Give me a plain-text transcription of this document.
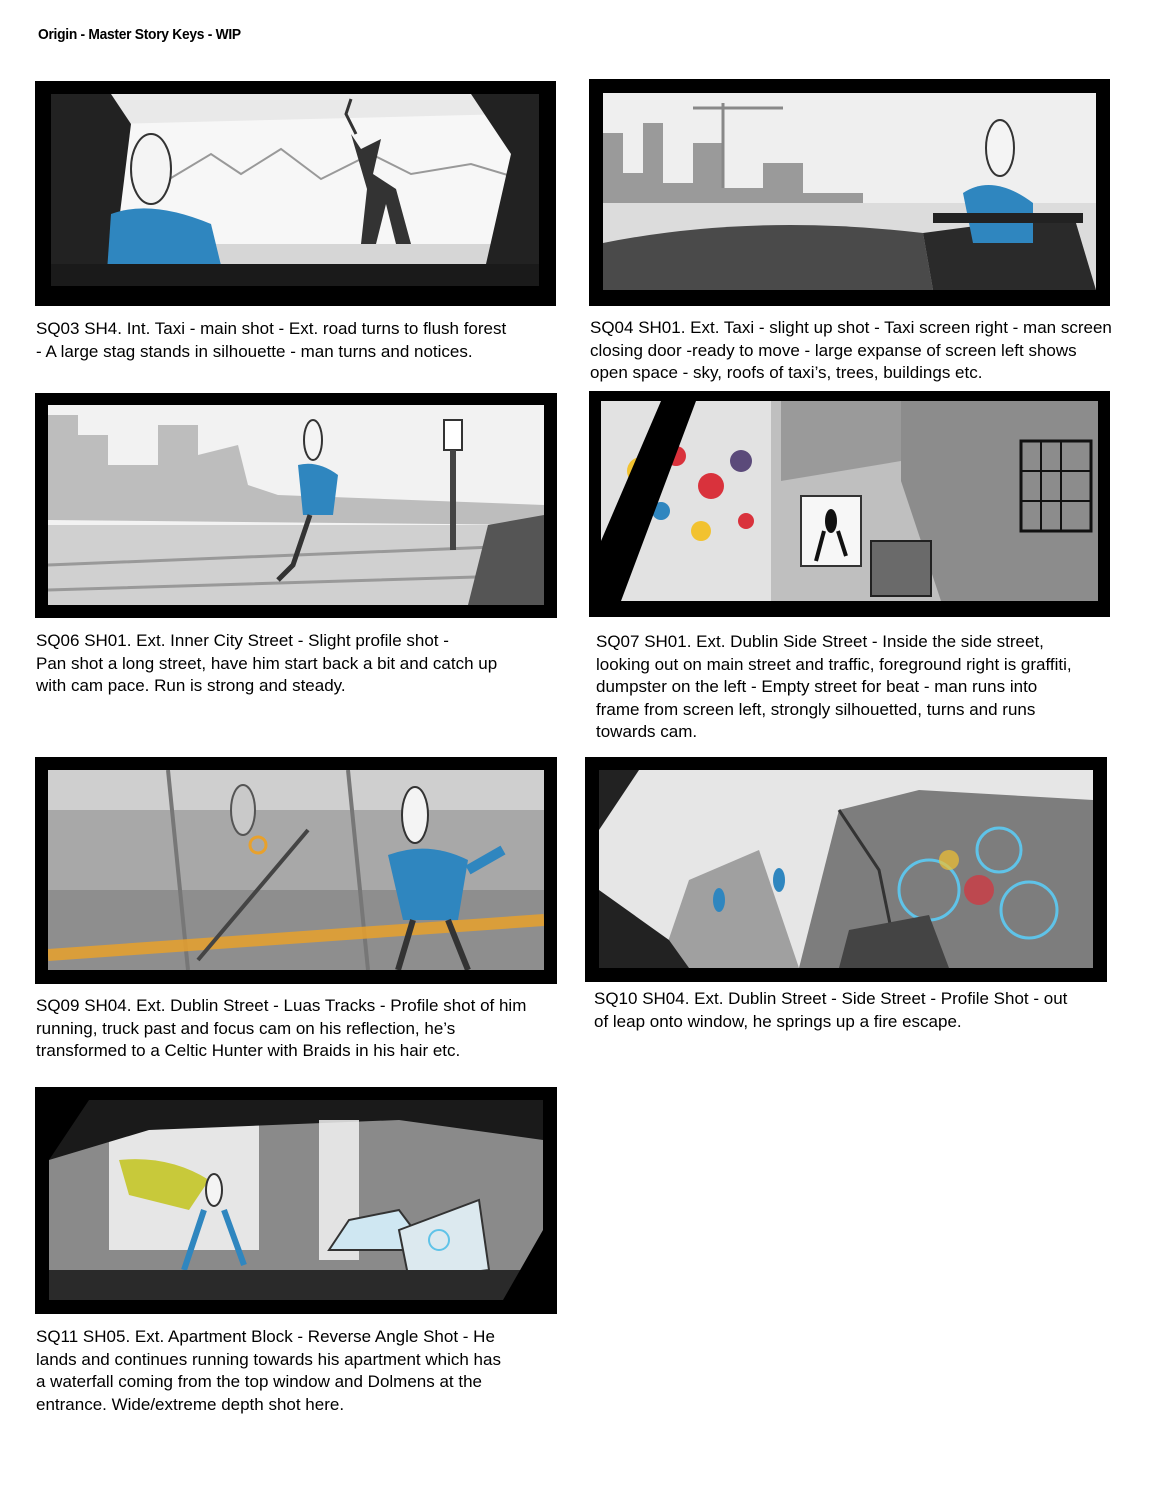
Origin - Master Story Keys - WIP
SQ03 SH4. Int. Taxi - main shot - Ext. road turns to flush forest
- A large stag stands in silhouette - man turns and notices.
SQ04 SH01. Ext. Taxi - slight up shot - Taxi screen right - man screen
closing door -ready to move - large expanse of screen left shows
open space - sky, roofs of taxi’s, trees, buildings etc.
SQ06 SH01. Ext. Inner City Street - Slight profile shot -
Pan shot a long street, have him start back a bit and catch up
with cam pace. Run is strong and steady.
SQ07 SH01. Ext. Dublin Side Street - Inside the side street,
looking out on main street and traffic, foreground right is graffiti,
dumpster on the left - Empty street for beat - man runs into
frame from screen left, strongly silhouetted, turns and runs
towards cam.
SQ09 SH04. Ext. Dublin Street - Luas Tracks - Profile shot of him
running, truck past and focus cam on his reflection, he’s
transformed to a Celtic Hunter with Braids in his hair etc.
SQ10 SH04. Ext. Dublin Street - Side Street - Profile Shot - out
of leap onto window, he springs up a fire escape.
SQ11 SH05. Ext. Apartment Block - Reverse Angle Shot - He
lands and continues running towards his apartment which has
a waterfall coming from the top window and Dolmens at the
entrance. Wide/extreme depth shot here.
